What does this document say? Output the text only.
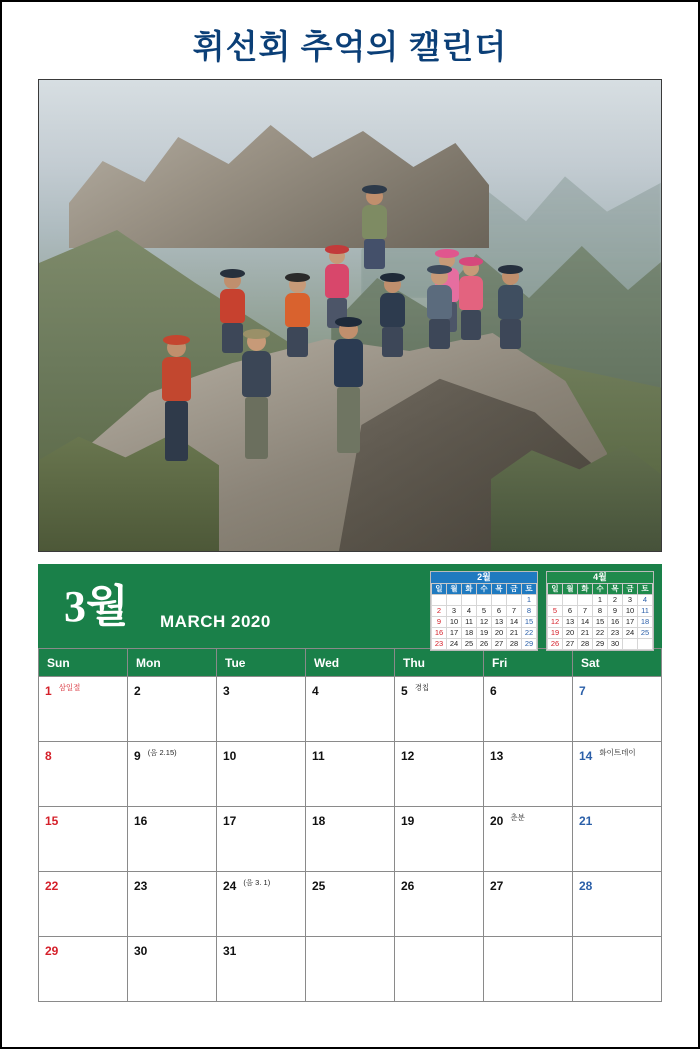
휘선회 추억의 캘린더
3월 MARCH 2020
2월
일	월	화	수	목	금	토
						1
2	3	4	5	6	7	8
9	10	11	12	13	14	15
16	17	18	19	20	21	22
23	24	25	26	27	28	29
4월
일	월	화	수	목	금	토
			1	2	3	4
5	6	7	8	9	10	11
12	13	14	15	16	17	18
19	20	21	22	23	24	25
26	27	28	29	30		
Sun	Mon	Tue	Wed	Thu	Fri	Sat
1 $^{삼일절}$	2	3	4	5 $^{경칩}$	6	7
8	9 $^{(음 2.15)}$	10	11	12	13	14 $^{화이트데이}$
15	16	17	18	19	20 $^{춘분}$	21
22	23	24 $^{(음 3. 1)}$	25	26	27	28
29	30	31				
